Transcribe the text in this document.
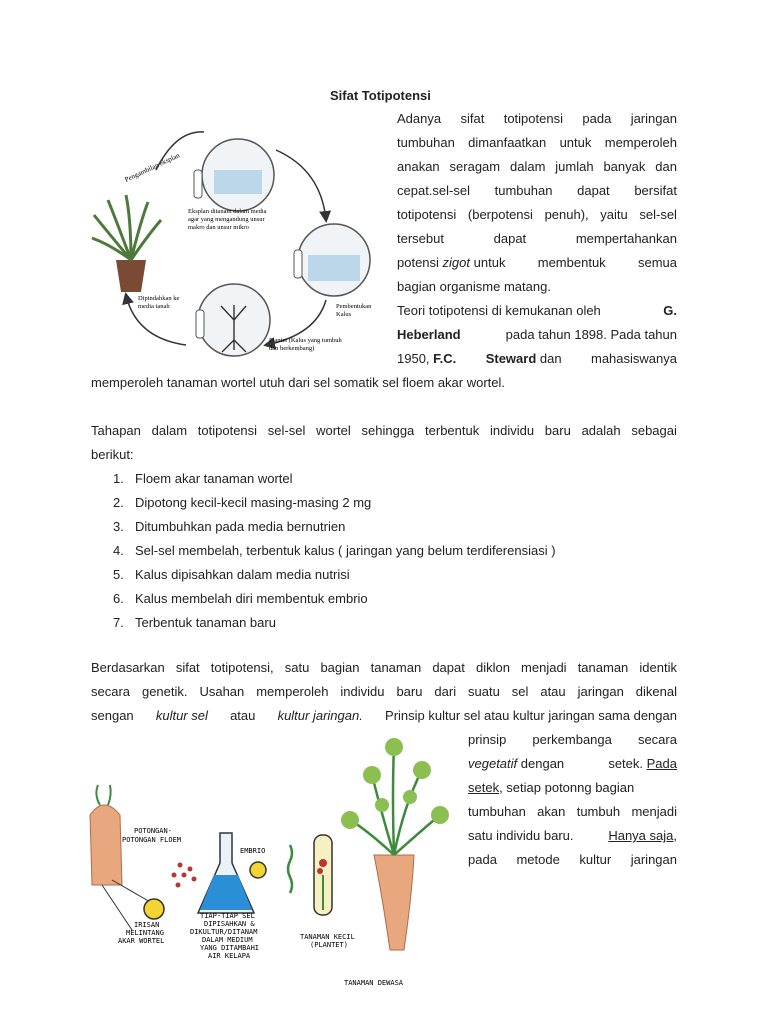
Sifat Totipotensi
Adanya sifat totipotensi pada jaringan
tumbuhan dimanfaatkan untuk memperoleh
anakan seragam dalam jumlah banyak dan
cepat.sel-sel tumbuhan dapat bersifat
totipotensi (berpotensi penuh), yaitu sel-sel
tersebut	dapat	mempertahankan
potensi zigot untuk membentuk semua
bagian organisme matang.
Teori totipotensi di kemukanan oleh	G.
Heberland	pada tahun 1898. Pada tahun
1950, F.C. Steward dan mahasiswanya
memperoleh tanaman wortel utuh dari sel somatik sel floem akar wortel.
Tahapan dalam totipotensi sel-sel wortel sehingga terbentuk individu baru adalah sebagai
berikut:
1. Floem akar tanaman wortel
2. Dipotong kecil-kecil masing-masing 2 mg
3. Ditumbuhkan pada media bernutrien
4. Sel-sel membelah, terbentuk kalus ( jaringan yang belum terdiferensiasi )
5. Kalus dipisahkan dalam media nutrisi
6. Kalus membelah diri membentuk embrio
7. Terbentuk tanaman baru
Berdasarkan sifat totipotensi, satu bagian tanaman dapat diklon menjadi tanaman identik
secara genetik. Usahan memperoleh individu baru dari suatu sel atau jaringan dikenal
sengan kultur sel atau kultur jaringan. Prinsip kultur sel atau kultur jaringan sama dengan
prinsip perkembanga secara
vegetatif dengan	setek. Pada
setek, setiap potonng bagian
tumbuhan akan tumbuh menjadi
satu individu baru.	Hanya saja,
pada metode kultur jaringan
Pengambilan eksplan
Eksplan ditanam dalam media agar yang mengandung unsur makro dan unsur mikro
Pembentukan Kalus
Plantet (Kalus yang tumbuh dan berkembang)
Dipindahkan ke media tanah
POTONGAN- POTONGAN FLOEM
EMBRIO
IRISAN MELINTANG AKAR WORTEL
TIAP-TIAP SEL DIPISAHKAN & DIKULTUR/DITANAM DALAM MEDIUM YANG DITAMBAHI AIR KELAPA
TANAMAN KECIL (PLANTET)
TANAMAN DEWASA
